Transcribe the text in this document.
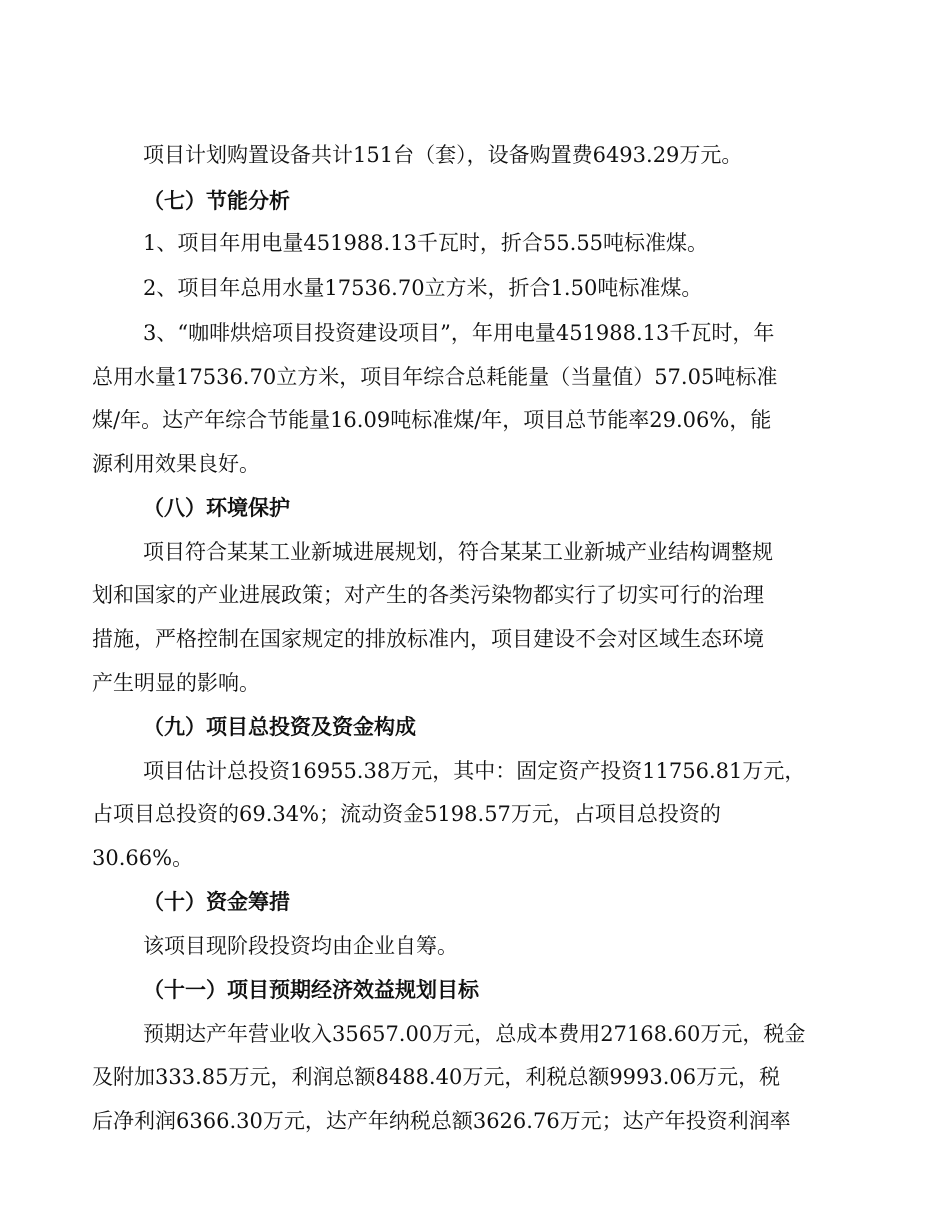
项目计划购置设备共计151台（套），设备购置费6493.29万元。
（七）节能分析
1、项目年用电量451988.13千瓦时，折合55.55吨标准煤。
2、项目年总用水量17536.70立方米，折合1.50吨标准煤。
3、“咖啡烘焙项目投资建设项目”，年用电量451988.13千瓦时，年
总用水量17536.70立方米，项目年综合总耗能量（当量值）57.05吨标准
煤/年。达产年综合节能量16.09吨标准煤/年，项目总节能率29.06%，能
源利用效果良好。
（八）环境保护
项目符合某某工业新城进展规划，符合某某工业新城产业结构调整规
划和国家的产业进展政策；对产生的各类污染物都实行了切实可行的治理
措施，严格控制在国家规定的排放标准内，项目建设不会对区域生态环境
产生明显的影响。
（九）项目总投资及资金构成
项目估计总投资16955.38万元，其中：固定资产投资11756.81万元，
占项目总投资的69.34%；流动资金5198.57万元，占项目总投资的
30.66%。
（十）资金筹措
该项目现阶段投资均由企业自筹。
（十一）项目预期经济效益规划目标
预期达产年营业收入35657.00万元，总成本费用27168.60万元，税金
及附加333.85万元，利润总额8488.40万元，利税总额9993.06万元，税
后净利润6366.30万元，达产年纳税总额3626.76万元；达产年投资利润率
